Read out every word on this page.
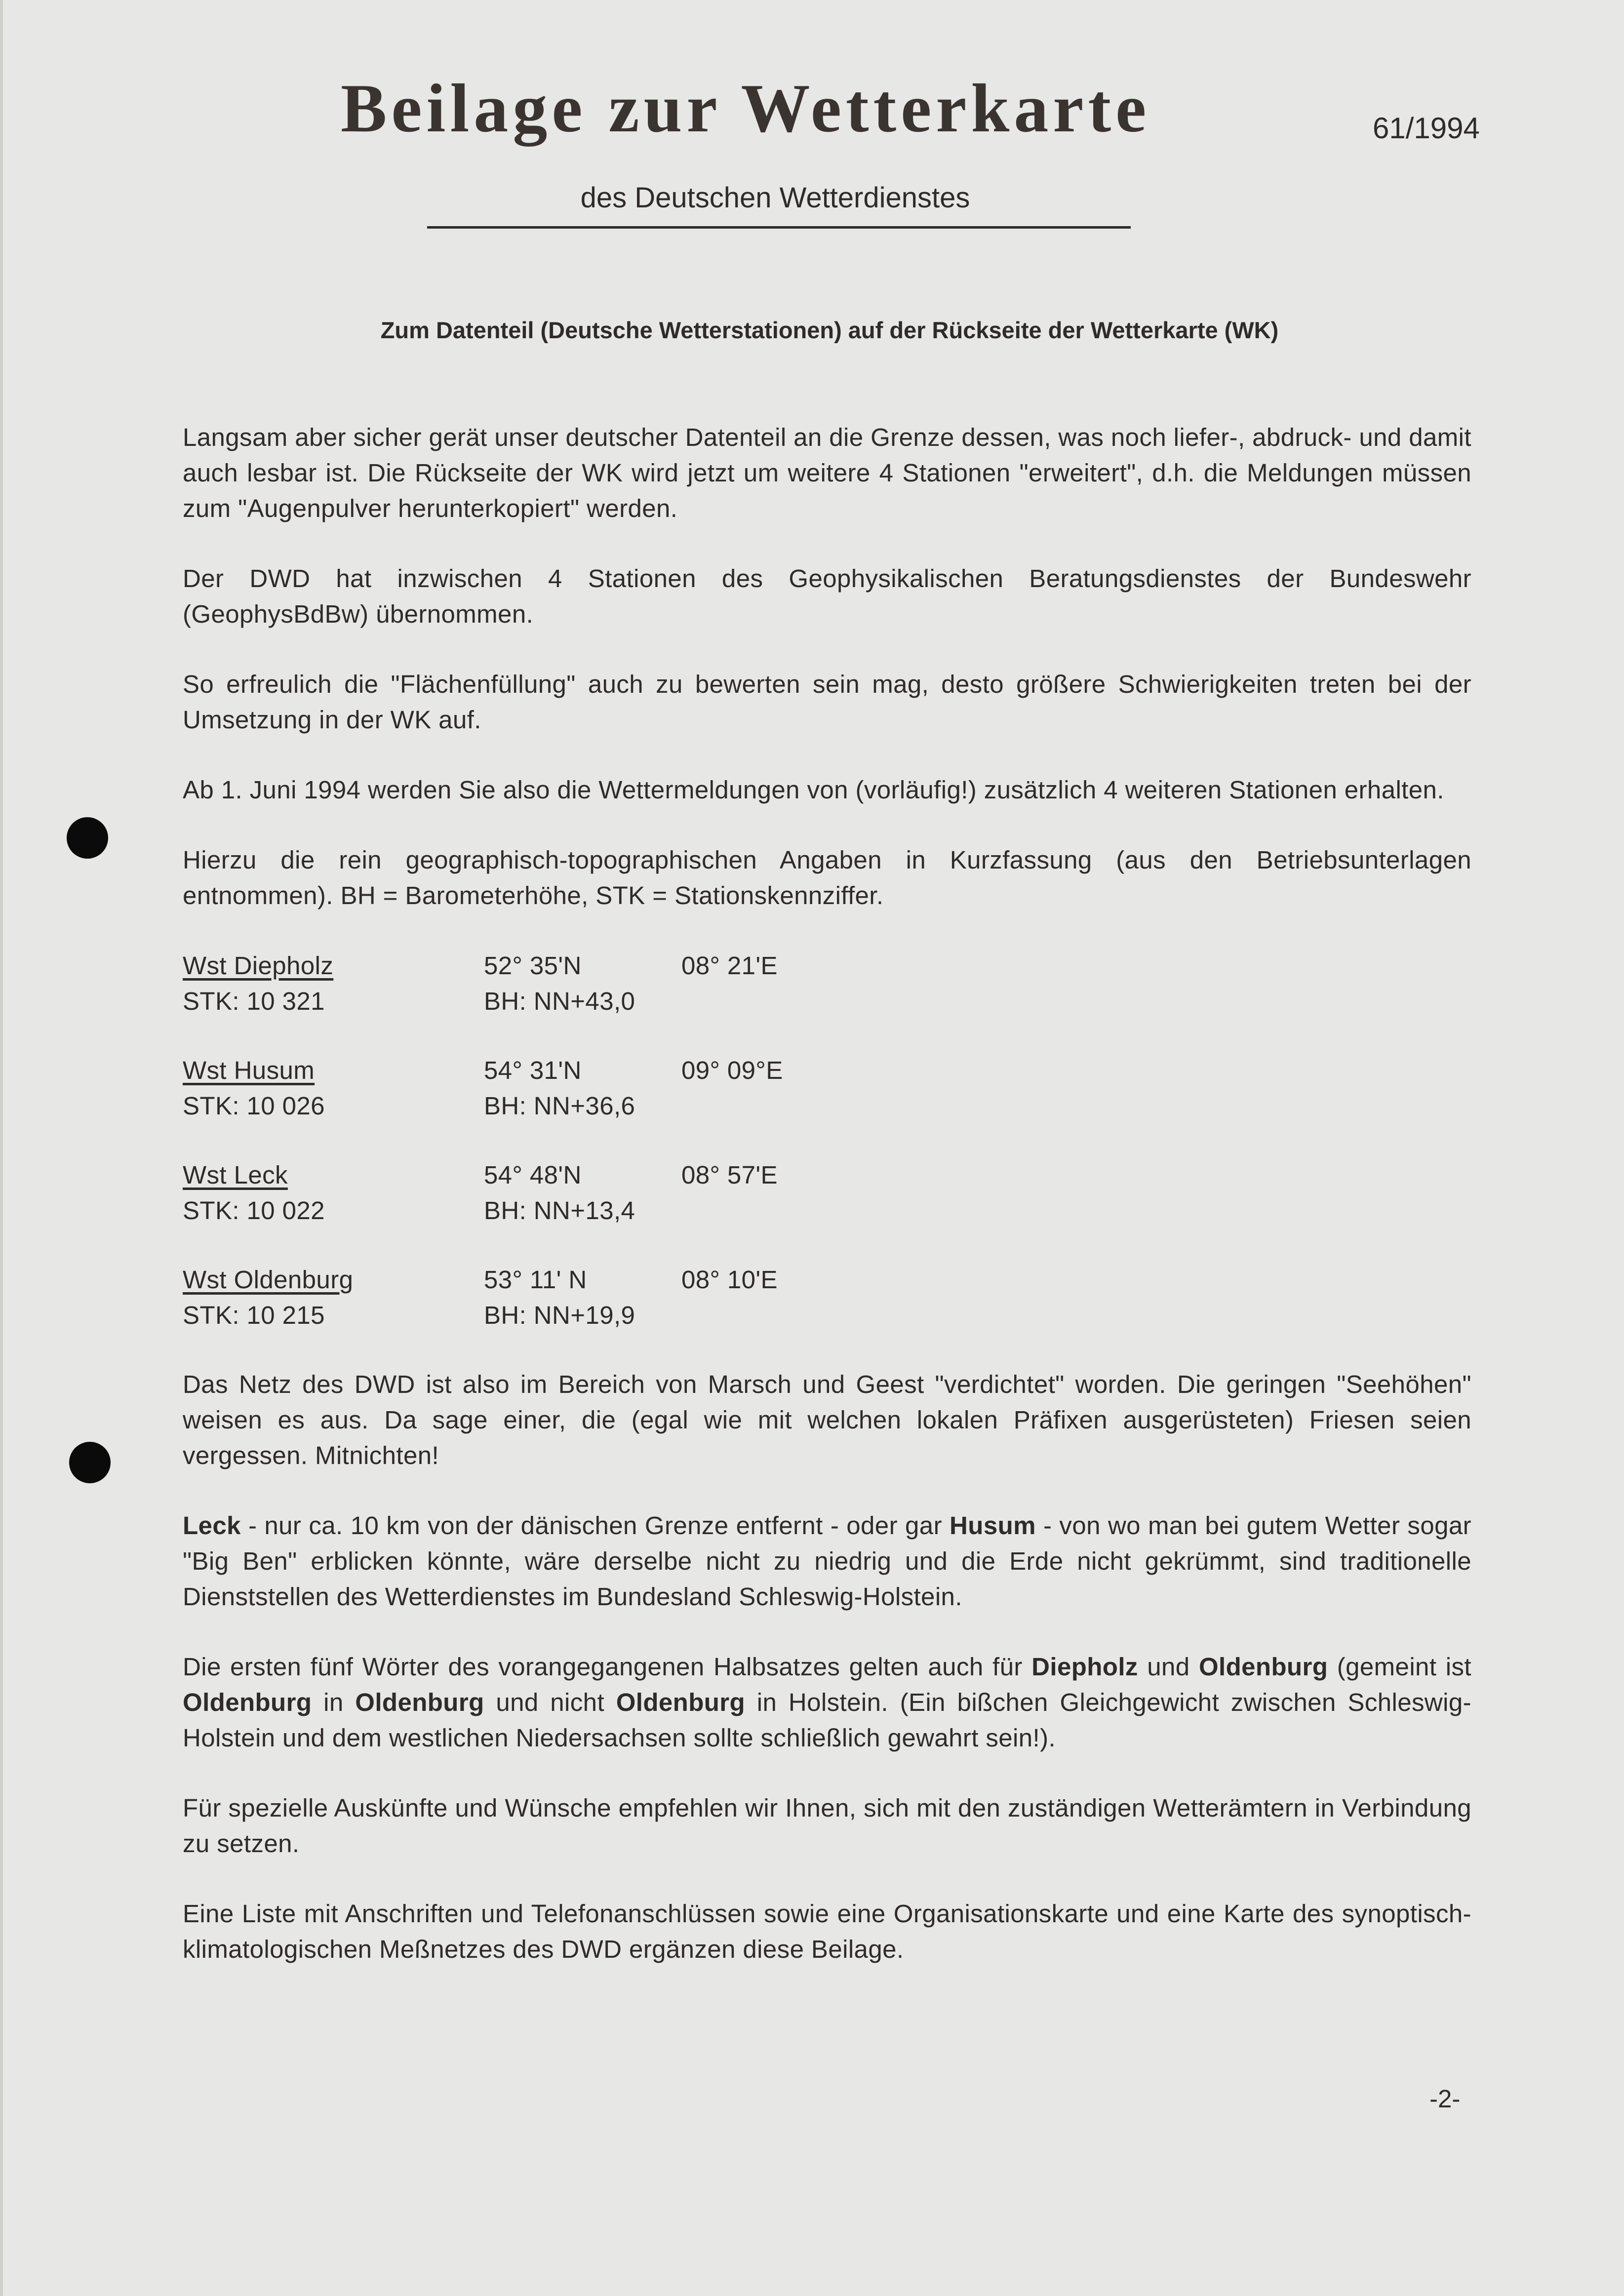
Beilage zur Wetterkarte	61/1994
des Deutschen Wetterdienstes
Zum Datenteil (Deutsche Wetterstationen) auf der Rückseite der Wetterkarte (WK)

Langsam aber sicher gerät unser deutscher Datenteil an die Grenze dessen, was noch liefer-, abdruck- und damit auch lesbar ist. Die Rückseite der WK wird jetzt um weitere 4 Stationen "erweitert", d.h. die Meldungen müssen zum "Augenpulver herunterkopiert" werden.

Der DWD hat inzwischen 4 Stationen des Geophysikalischen Beratungsdienstes der Bundeswehr (GeophysBdBw) übernommen.

So erfreulich die "Flächenfüllung" auch zu bewerten sein mag, desto größere Schwierigkeiten treten bei der Umsetzung in der WK auf.

Ab 1. Juni 1994 werden Sie also die Wettermeldungen von (vorläufig!) zusätzlich 4 weiteren Stationen erhalten.

Hierzu die rein geographisch-topographischen Angaben in Kurzfassung (aus den Betriebsunterlagen entnommen). BH = Barometerhöhe, STK = Stationskennziffer.

Wst Diepholz	52° 35'N	08° 21'E
STK: 10 321	BH: NN+43,0
Wst Husum	54° 31'N	09° 09°E
STK: 10 026	BH: NN+36,6
Wst Leck	54° 48'N	08° 57'E
STK: 10 022	BH: NN+13,4
Wst Oldenburg	53° 11' N	08° 10'E
STK: 10 215	BH: NN+19,9

Das Netz des DWD ist also im Bereich von Marsch und Geest "verdichtet" worden. Die geringen "Seehöhen" weisen es aus. Da sage einer, die (egal wie mit welchen lokalen Präfixen ausgerüsteten) Friesen seien vergessen. Mitnichten!

Leck - nur ca. 10 km von der dänischen Grenze entfernt - oder gar Husum - von wo man bei gutem Wetter sogar "Big Ben" erblicken könnte, wäre derselbe nicht zu niedrig und die Erde nicht gekrümmt, sind traditionelle Dienststellen des Wetterdienstes im Bundesland Schleswig-Holstein.

Die ersten fünf Wörter des vorangegangenen Halbsatzes gelten auch für Diepholz und Oldenburg (gemeint ist Oldenburg in Oldenburg und nicht Oldenburg in Holstein. (Ein bißchen Gleichgewicht zwischen Schleswig-Holstein und dem westlichen Niedersachsen sollte schließlich gewahrt sein!).

Für spezielle Auskünfte und Wünsche empfehlen wir Ihnen, sich mit den zuständigen Wetterämtern in Verbindung zu setzen.

Eine Liste mit Anschriften und Telefonanschlüssen sowie eine Organisationskarte und eine Karte des synoptisch-klimatologischen Meßnetzes des DWD ergänzen diese Beilage.

-2-
